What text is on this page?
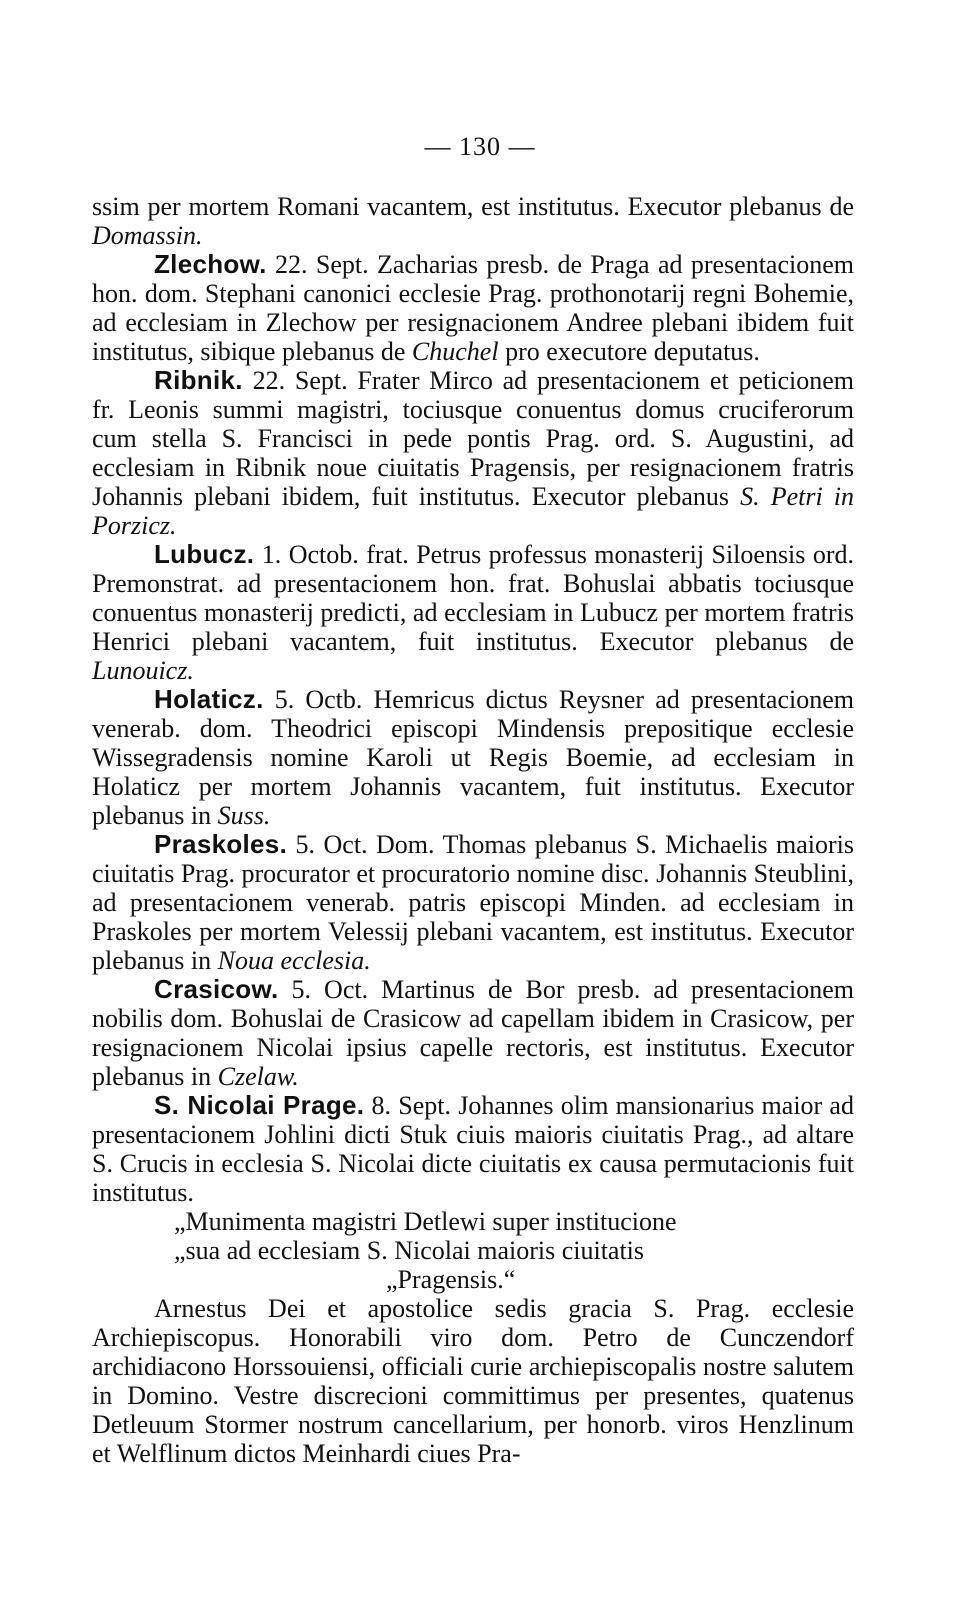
— 130 —

ssim per mortem Romani vacantem, est institutus. Executor plebanus de Domassin.

Zlechow. 22. Sept. Zacharias presb. de Praga ad presentacionem hon. dom. Stephani canonici ecclesie Prag. prothonotarij regni Bohemie, ad ecclesiam in Zlechow per resignacionem Andree plebani ibidem fuit institutus, sibique plebanus de Chuchel pro executore deputatus.

Ribnik. 22. Sept. Frater Mirco ad presentacionem et peticionem fr. Leonis summi magistri, tociusque conuentus domus cruciferorum cum stella S. Francisci in pede pontis Prag. ord. S. Augustini, ad ecclesiam in Ribnik noue ciuitatis Pragensis, per resignacionem fratris Johannis plebani ibidem, fuit institutus. Executor plebanus S. Petri in Porzicz.

Lubucz. 1. Octob. frat. Petrus professus monasterij Siloensis ord. Premonstrat. ad presentacionem hon. frat. Bohuslai abbatis tociusque conuentus monasterij predicti, ad ecclesiam in Lubucz per mortem fratris Henrici plebani vacantem, fuit institutus. Executor plebanus de Lunouicz.

Holaticz. 5. Octb. Hemricus dictus Reysner ad presentacionem venerab. dom. Theodrici episcopi Mindensis prepositique ecclesie Wissegradensis nomine Karoli ut Regis Boemie, ad ecclesiam in Holaticz per mortem Johannis vacantem, fuit institutus. Executor plebanus in Suss.

Praskoles. 5. Oct. Dom. Thomas plebanus S. Michaelis maioris ciuitatis Prag. procurator et procuratorio nomine disc. Johannis Steublini, ad presentacionem venerab. patris episcopi Minden. ad ecclesiam in Praskoles per mortem Velessij plebani vacantem, est institutus. Executor plebanus in Noua ecclesia.

Crasicow. 5. Oct. Martinus de Bor presb. ad presentacionem nobilis dom. Bohuslai de Crasicow ad capellam ibidem in Crasicow, per resignacionem Nicolai ipsius capelle rectoris, est institutus. Executor plebanus in Czelaw.

S. Nicolai Prage. 8. Sept. Johannes olim mansionarius maior ad presentacionem Johlini dicti Stuk ciuis maioris ciuitatis Prag., ad altare S. Crucis in ecclesia S. Nicolai dicte ciuitatis ex causa permutacionis fuit institutus.

„Munimenta magistri Detlewi super institucione
„sua ad ecclesiam S. Nicolai maioris ciuitatis
„Pragensis.“

Arnestus Dei et apostolice sedis gracia S. Prag. ecclesie Archiepiscopus. Honorabili viro dom. Petro de Cunczendorf archidiacono Horssouiensi, officiali curie archiepiscopalis nostre salutem in Domino. Vestre discrecioni committimus per presentes, quatenus Detleuum Stormer nostrum cancellarium, per honorb. viros Henzlinum et Welflinum dictos Meinhardi ciues Pra-
